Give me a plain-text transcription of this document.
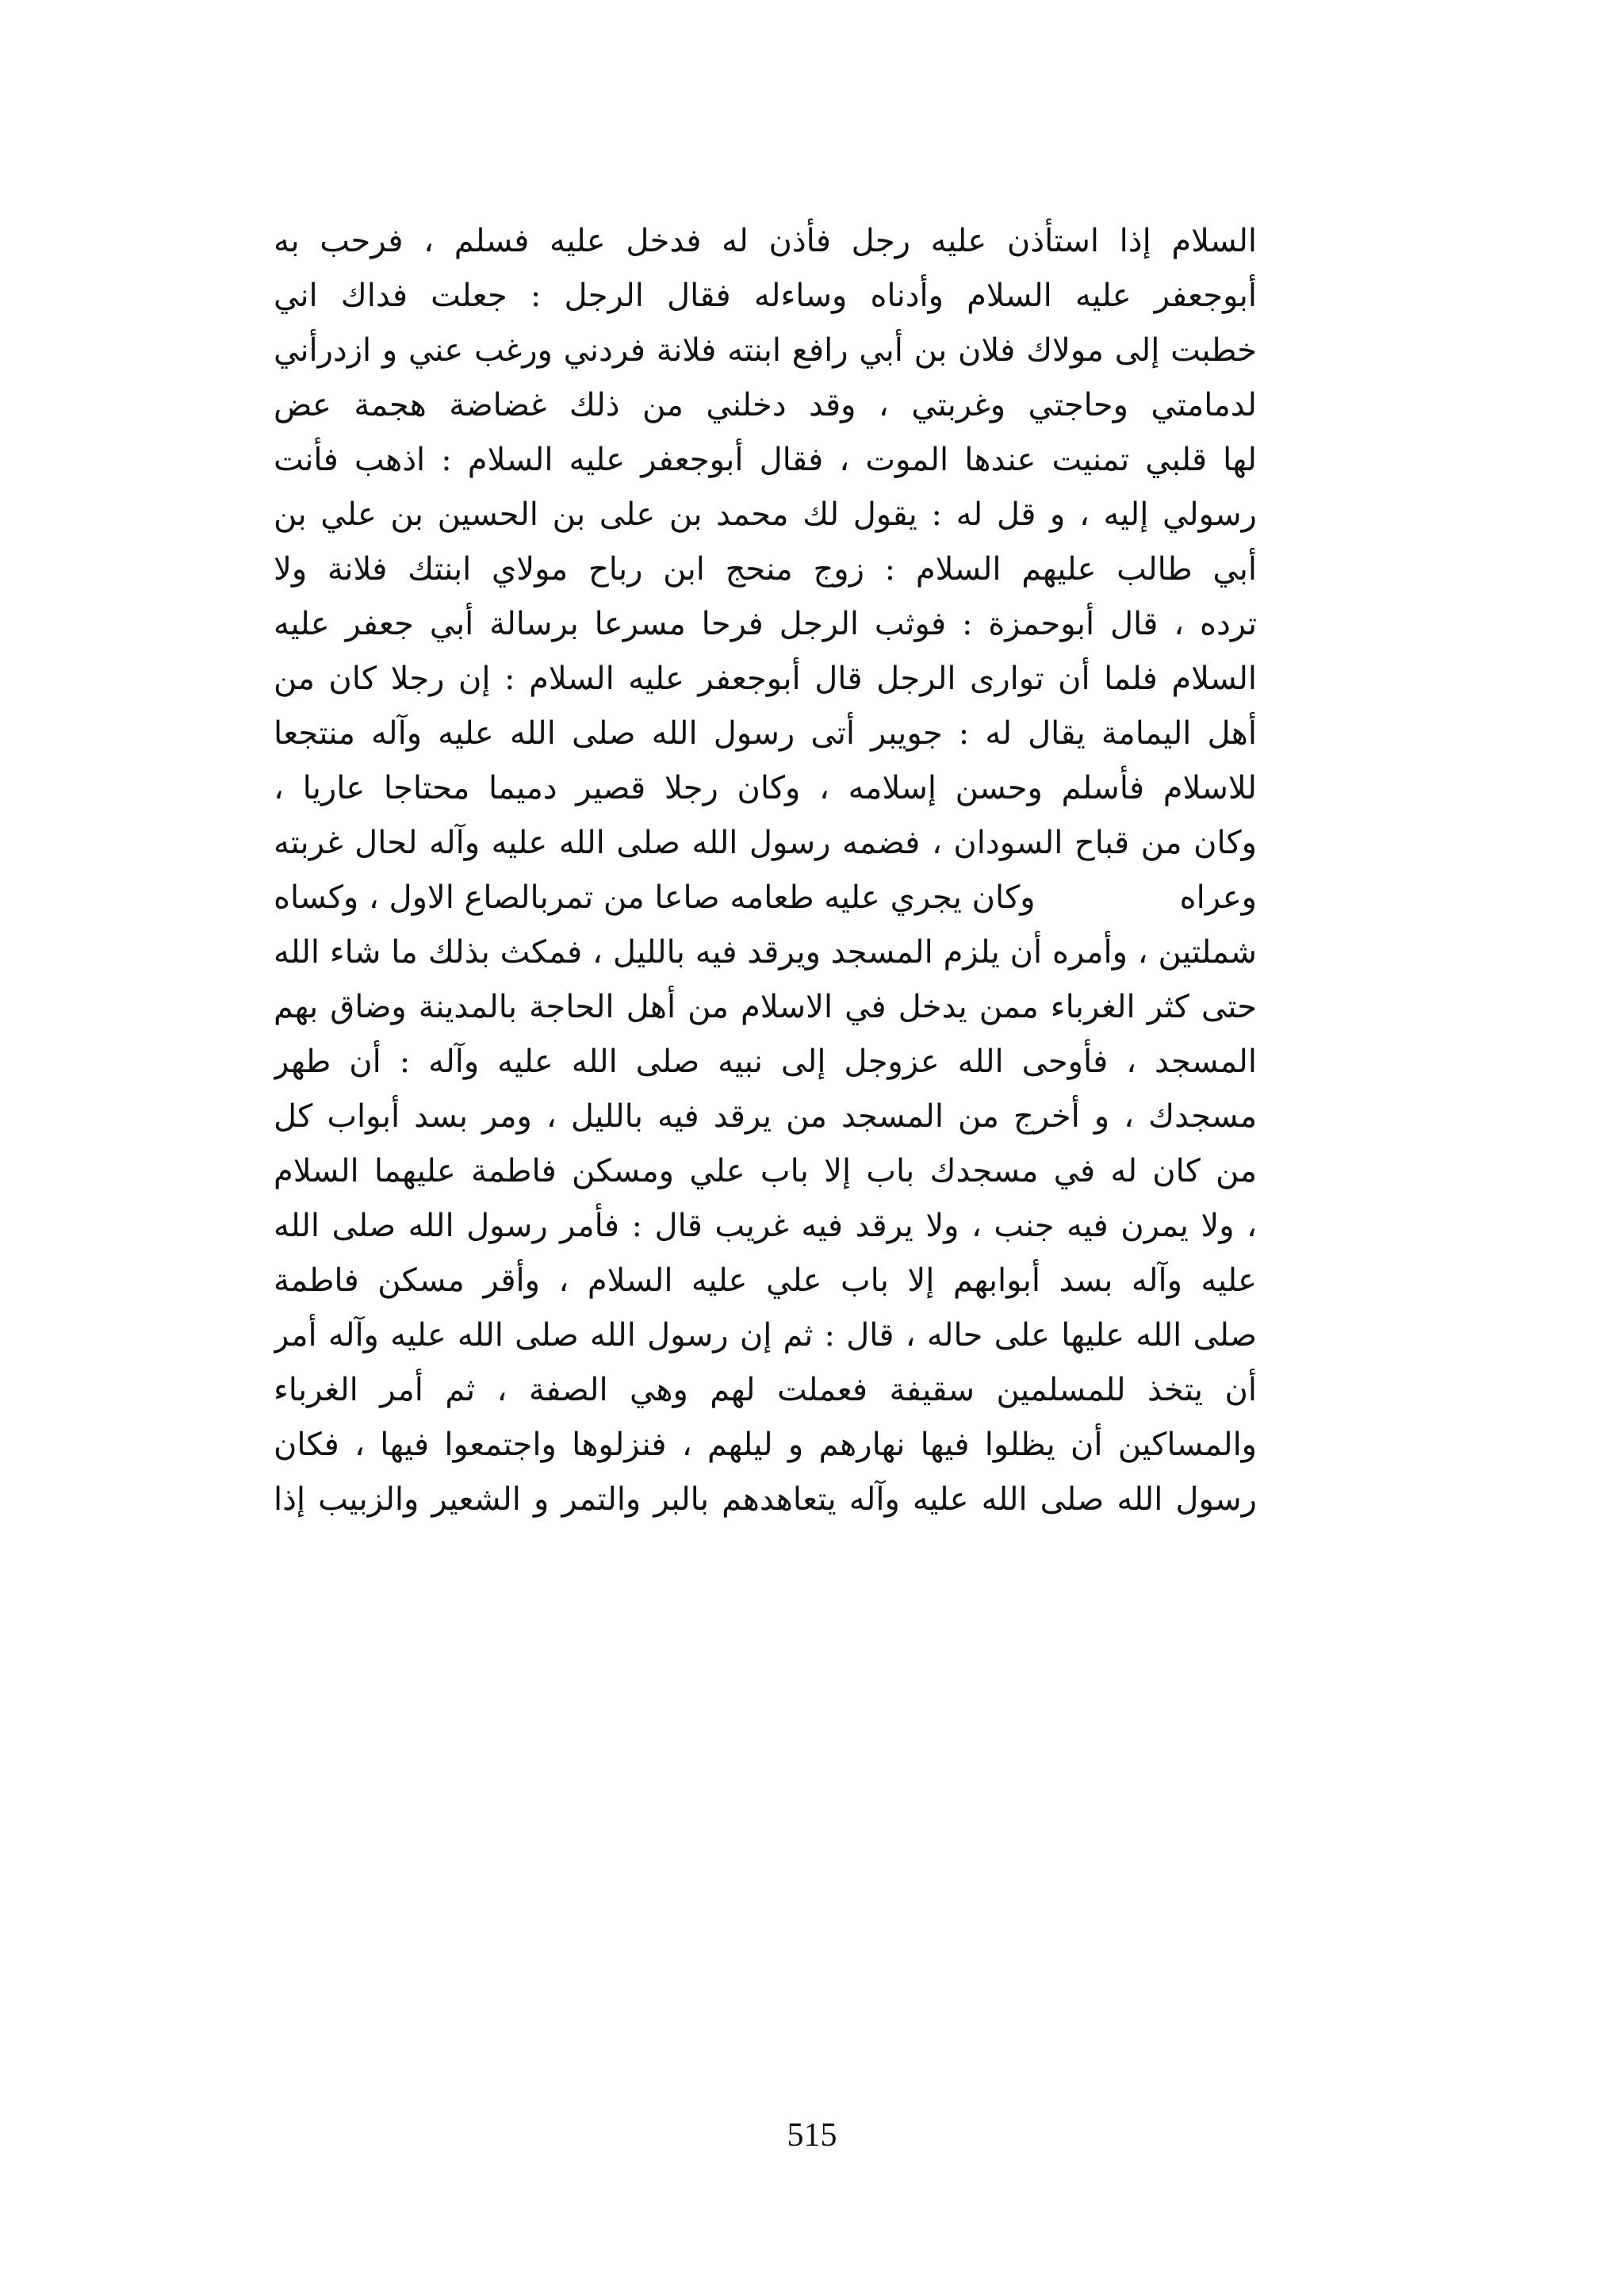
السلام إذا استأذن عليه رجل فأذن له فدخل عليه فسلم ، فرحب به
أبوجعفر عليه السلام وأدناه وساءله فقال الرجل : جعلت فداك اني
خطبت إلى مولاك فلان بن أبي رافع ابنته فلانة فردني ورغب عني و ازدرأني
لدمامتي وحاجتي وغربتي ، وقد دخلني من ذلك غضاضة هجمة عض
لها قلبي تمنيت عندها الموت ، فقال أبوجعفر عليه السلام : اذهب فأنت
رسولي إليه ، و قل له : يقول لك محمد بن على بن الحسين بن علي بن
أبي طالب عليهم السلام : زوج منحج ابن رباح مولاي ابنتك فلانة ولا
ترده ، قال أبوحمزة : فوثب الرجل فرحا مسرعا برسالة أبي جعفر عليه
السلام فلما أن توارى الرجل قال أبوجعفر عليه السلام : إن رجلا كان من
أهل اليمامة يقال له : جويبر أتى رسول الله صلى الله عليه وآله منتجعا
للاسلام فأسلم وحسن إسلامه ، وكان رجلا قصير دميما محتاجا عاريا ،
وكان من قباح السودان ، فضمه رسول الله صلى الله عليه وآله لحال غربته
وعراه
وكان يجري عليه طعامه صاعا من تمربالصاع الاول ، وكساه
شملتين ، وأمره أن يلزم المسجد ويرقد فيه بالليل ، فمكث بذلك ما شاء الله
حتى كثر الغرباء ممن يدخل في الاسلام من أهل الحاجة بالمدينة وضاق بهم
المسجد ، فأوحى الله عزوجل إلى نبيه صلى الله عليه وآله : أن طهر
مسجدك ، و أخرج من المسجد من يرقد فيه بالليل ، ومر بسد أبواب كل
من كان له في مسجدك باب إلا باب علي ومسكن فاطمة عليهما السلام
، ولا يمرن فيه جنب ، ولا يرقد فيه غريب قال : فأمر رسول الله صلى الله
عليه وآله بسد أبوابهم إلا باب علي عليه السلام ، وأقر مسكن فاطمة
صلى الله عليها على حاله ، قال : ثم إن رسول الله صلى الله عليه وآله أمر
أن يتخذ للمسلمين سقيفة فعملت لهم وهي الصفة ، ثم أمر الغرباء
والمساكين أن يظلوا فيها نهارهم و ليلهم ، فنزلوها واجتمعوا فيها ، فكان
رسول الله صلى الله عليه وآله يتعاهدهم بالبر والتمر و الشعير والزبيب إذا
515
